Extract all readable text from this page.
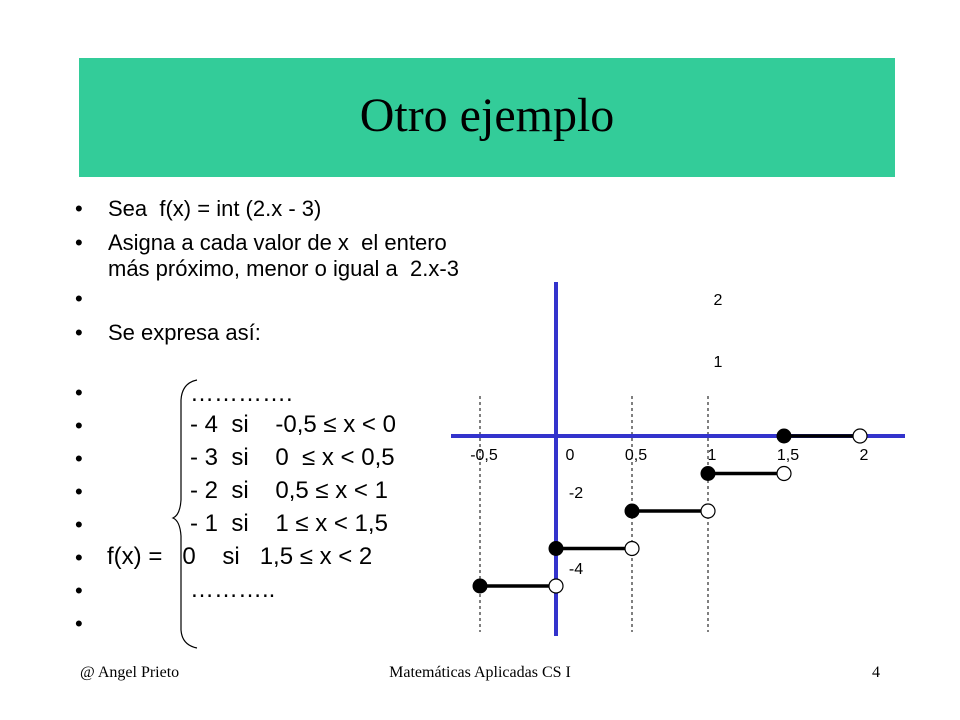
Otro ejemplo
• Sea  f(x) = int (2.x - 3)
• Asigna a cada valor de x  el entero
más próximo, menor o igual a  2.x-3
•
• Se expresa así:
•
•
•
•
•
•
•
•
………….
- 4  si    -0,5 ≤ x < 0
- 3  si    0  ≤ x < 0,5
- 2  si    0,5 ≤ x < 1
- 1  si    1 ≤ x < 1,5
f(x) =   0    si   1,5 ≤ x < 2
………..
-0,5	0	0,5	1	1,5	2
2
1
-2
-4
@ Angel Prieto	Matemáticas Aplicadas CS I	4
